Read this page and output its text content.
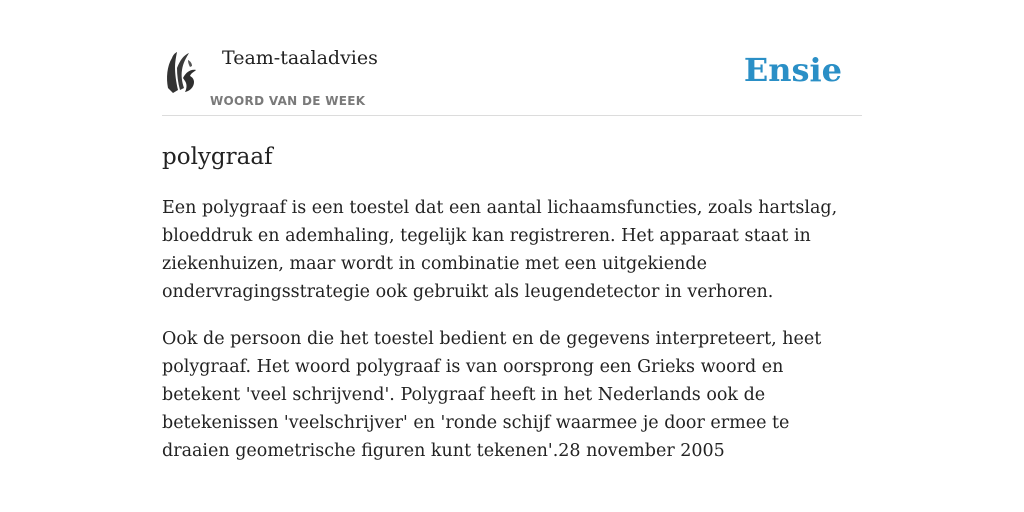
Team-taaladvies
WOORD VAN DE WEEK
Ensie
polygraaf

Een polygraaf is een toestel dat een aantal lichaamsfuncties, zoals hartslag, bloeddruk en ademhaling, tegelijk kan registreren. Het apparaat staat in ziekenhuizen, maar wordt in combinatie met een uitgekiende ondervragingsstrategie ook gebruikt als leugendetector in verhoren.

Ook de persoon die het toestel bedient en de gegevens interpreteert, heet polygraaf. Het woord polygraaf is van oorsprong een Grieks woord en betekent 'veel schrijvend'. Polygraaf heeft in het Nederlands ook de betekenissen 'veelschrijver' en 'ronde schijf waarmee je door ermee te draaien geometrische figuren kunt tekenen'.28 november 2005
